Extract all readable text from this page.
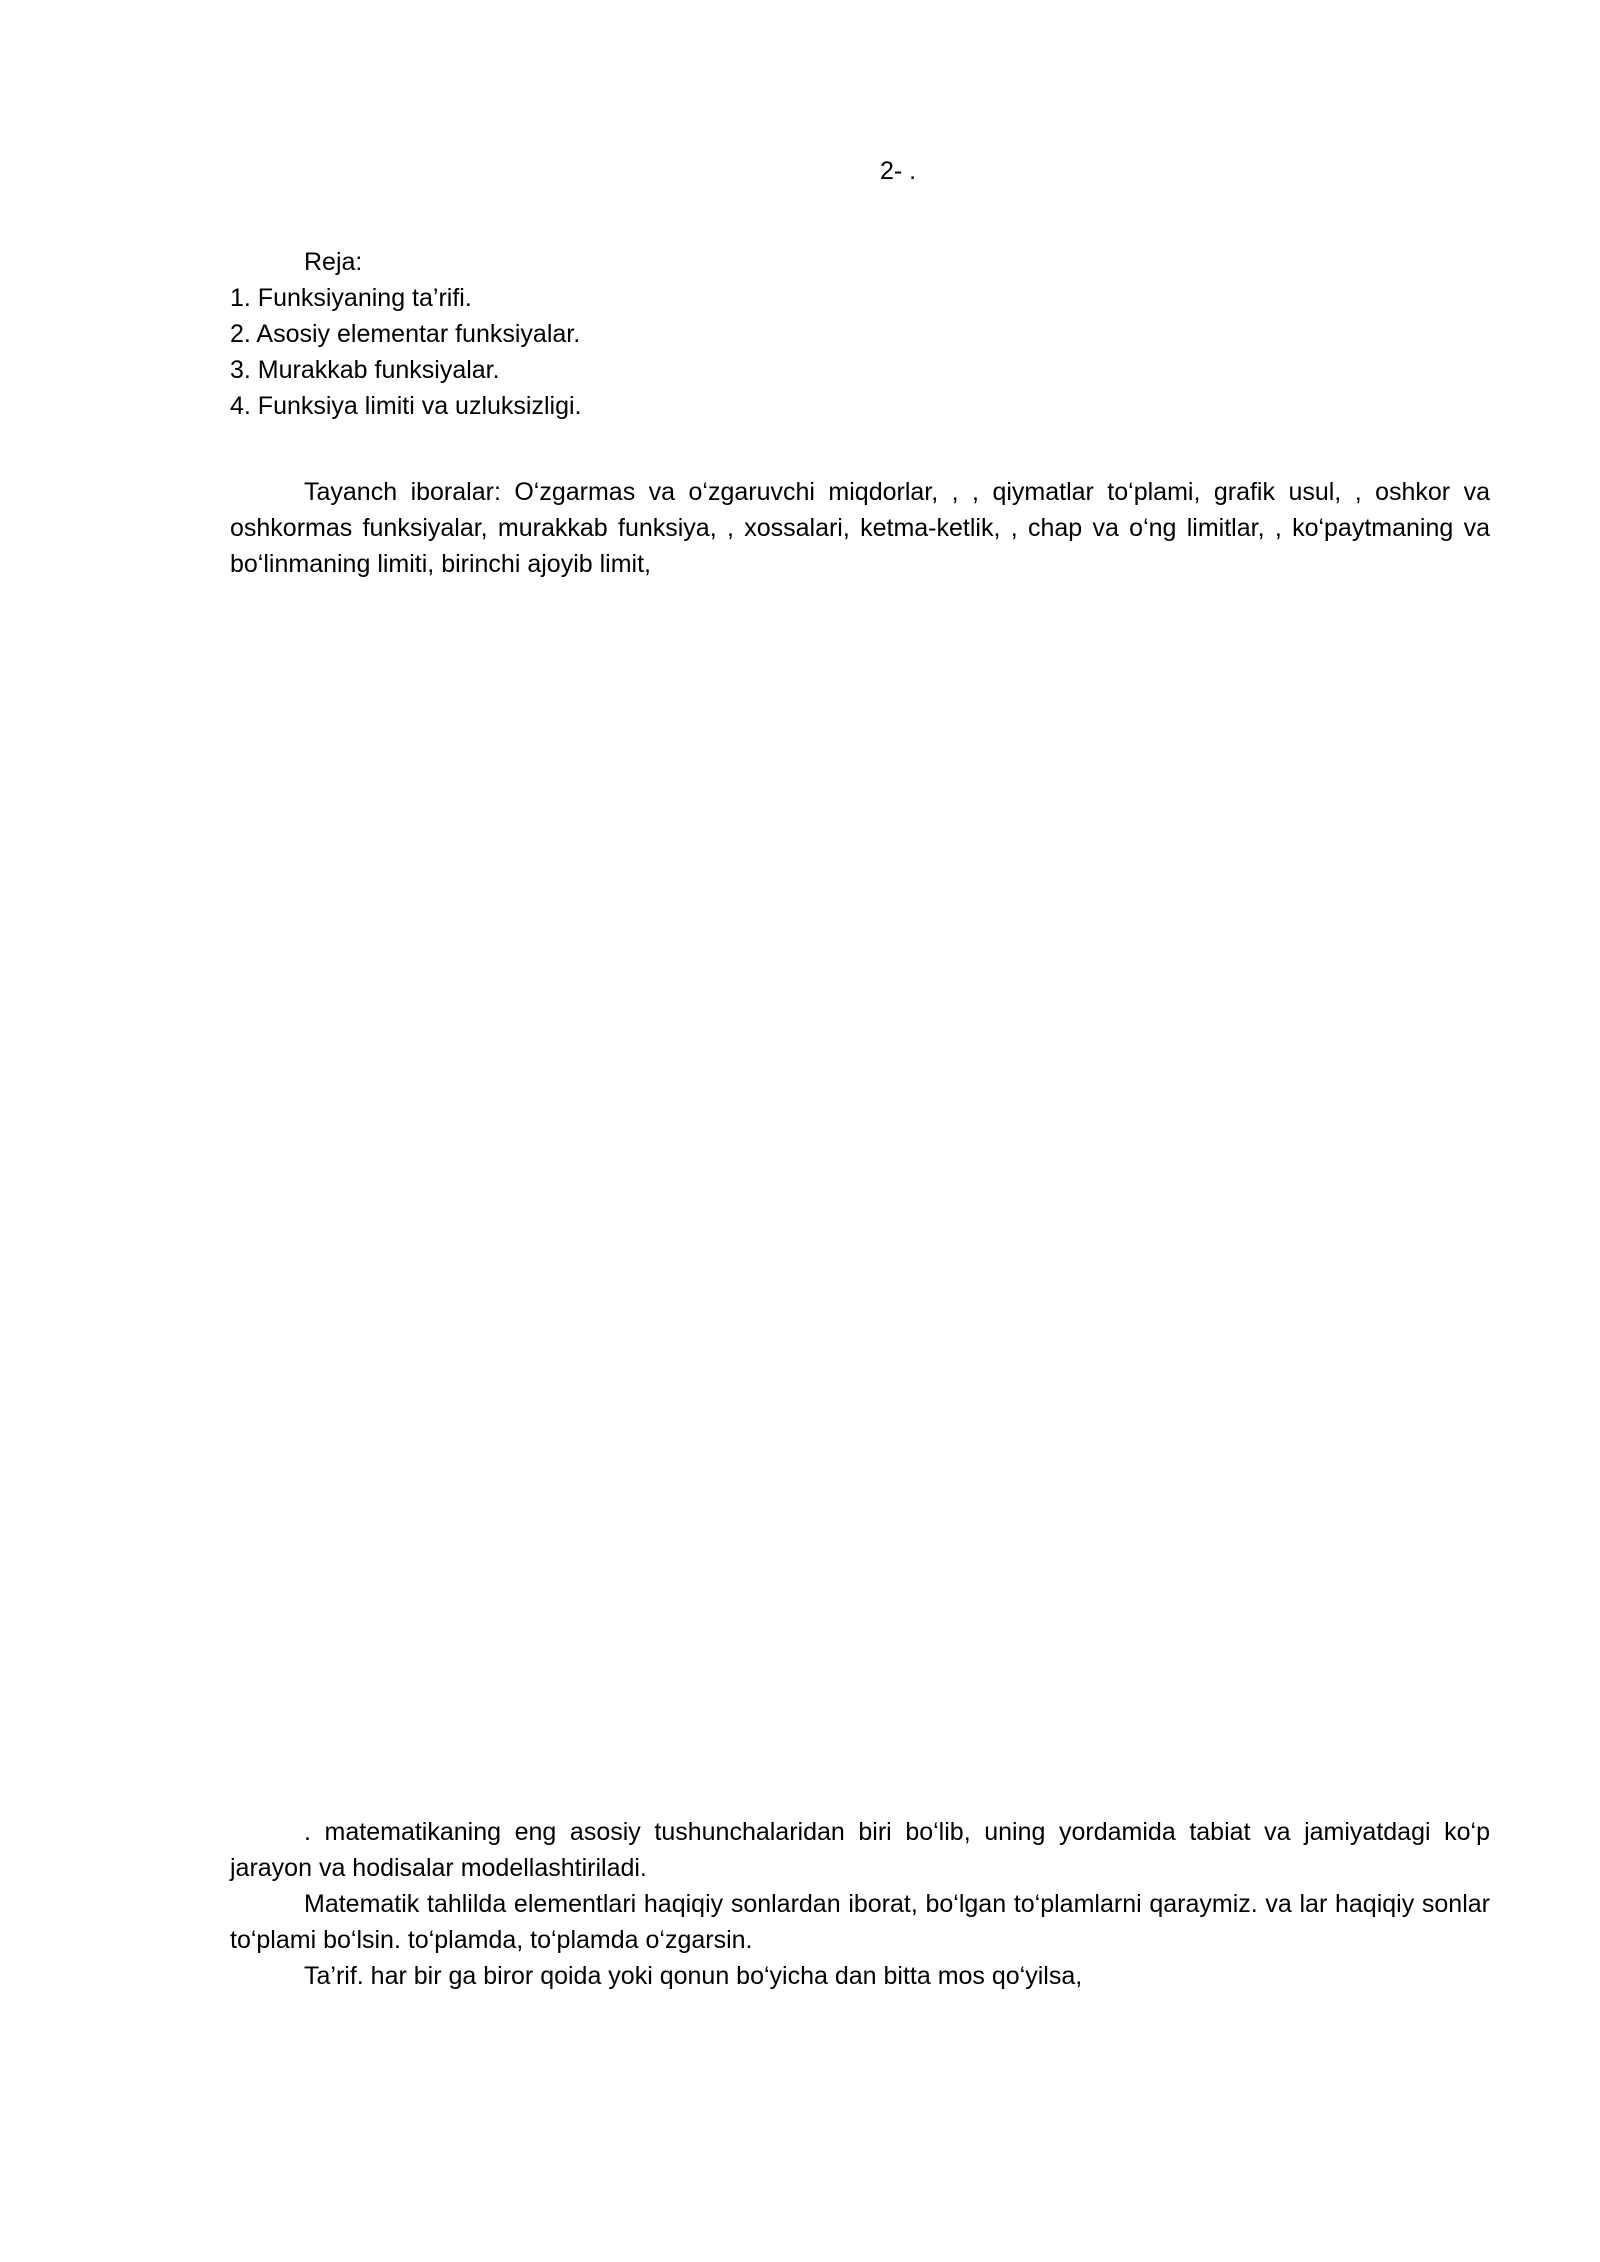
2- .
Reja:
1. Funksiyaning ta’rifi.
2. Asosiy elementar funksiyalar.
3. Murakkab funksiyalar.
4. Funksiya limiti va uzluksizligi.

Tayanch iboralar: O‘zgarmas va o‘zgaruvchi miqdorlar, , , qiymatlar to‘plami, grafik usul, , oshkor va oshkormas funksiyalar, murakkab funksiya, , xossalari, ketma-ketlik, , chap va o‘ng limitlar, , ko‘paytmaning va bo‘linmaning limiti, birinchi ajoyib limit,

. matematikaning eng asosiy tushunchalaridan biri bo‘lib, uning yordamida tabiat va jamiyatdagi ko‘p jarayon va hodisalar modellashtiriladi.

Matematik tahlilda elementlari haqiqiy sonlardan iborat, bo‘lgan to‘plamlarni qaraymiz. va lar haqiqiy sonlar to‘plami bo‘lsin. to‘plamda, to‘plamda o‘zgarsin.

Ta’rif. har bir ga biror qoida yoki qonun bo‘yicha dan bitta mos qo‘yilsa,
